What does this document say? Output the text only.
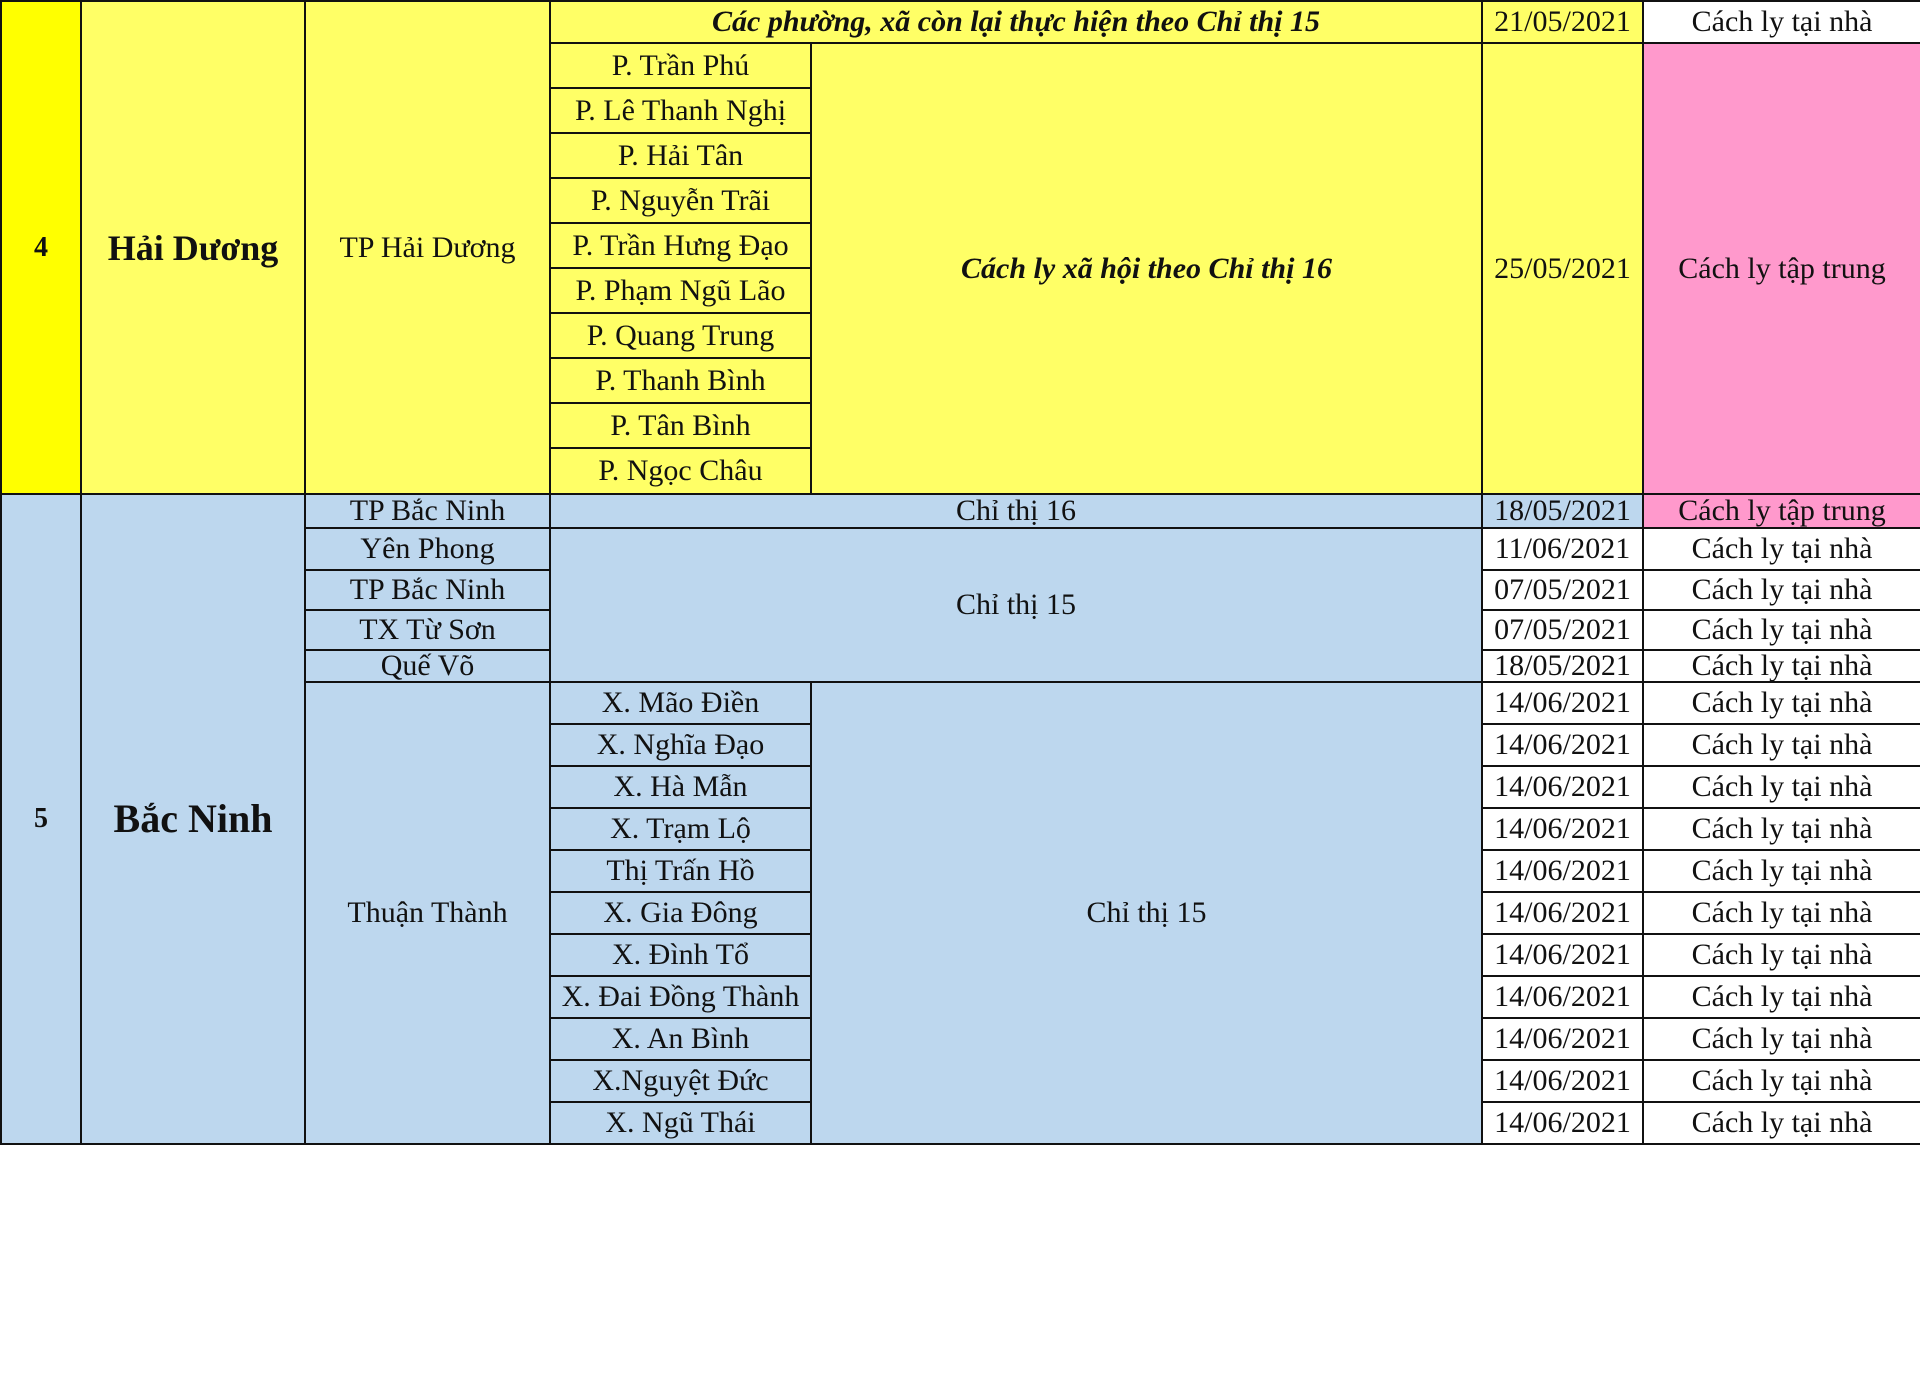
4	Hải Dương	TP Hải Dương	Các phường, xã còn lại thực hiện theo Chỉ thị 15		21/05/2021	Cách ly tại nhà
			P. Trần Phú	Cách ly xã hội theo Chỉ thị 16	25/05/2021	Cách ly tập trung
			P. Lê Thanh Nghị			
			P. Hải Tân			
			P. Nguyễn Trãi			
			P. Trần Hưng Đạo			
			P. Phạm Ngũ Lão			
			P. Quang Trung			
			P. Thanh Bình			
			P. Tân Bình			
			P. Ngọc Châu			
5	Bắc Ninh	TP Bắc Ninh	Chỉ thị 16		18/05/2021	Cách ly tập trung
		Yên Phong	Chỉ thị 15		11/06/2021	Cách ly tại nhà
		TP Bắc Ninh			07/05/2021	Cách ly tại nhà
		TX Từ Sơn			07/05/2021	Cách ly tại nhà
		Quế Võ			18/05/2021	Cách ly tại nhà
		Thuận Thành	X. Mão Điền	Chỉ thị 15	14/06/2021	Cách ly tại nhà
			X. Nghĩa Đạo		14/06/2021	Cách ly tại nhà
			X. Hà Mẫn		14/06/2021	Cách ly tại nhà
			X. Trạm Lộ		14/06/2021	Cách ly tại nhà
			Thị Trấn Hồ		14/06/2021	Cách ly tại nhà
			X. Gia Đông		14/06/2021	Cách ly tại nhà
			X. Đình Tổ		14/06/2021	Cách ly tại nhà
			X. Đai Đồng Thành		14/06/2021	Cách ly tại nhà
			X. An Bình		14/06/2021	Cách ly tại nhà
			X.Nguyệt Đức		14/06/2021	Cách ly tại nhà
			X. Ngũ Thái		14/06/2021	Cách ly tại nhà
